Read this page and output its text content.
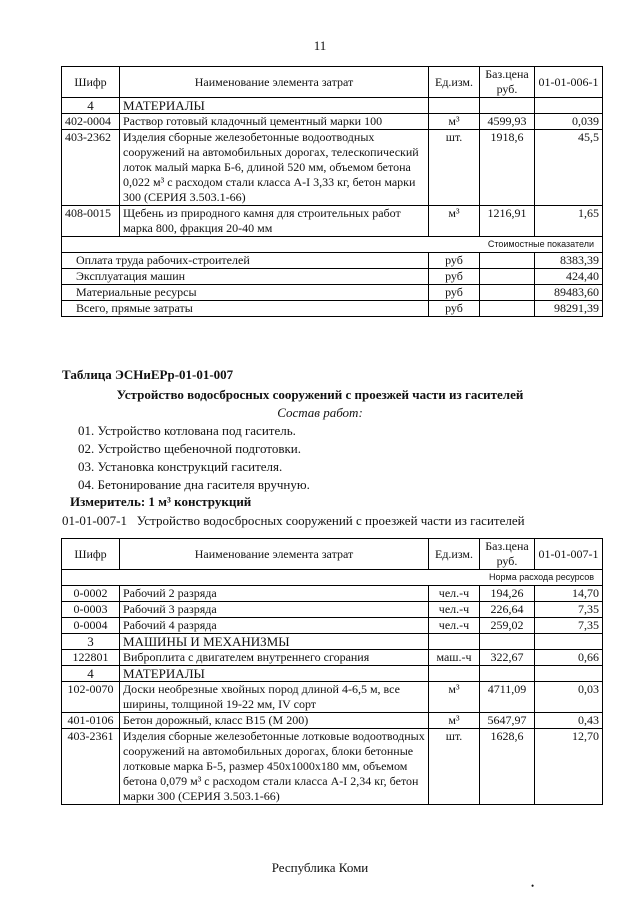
11
Шифр	Наименование элемента затрат	Ед.изм.	Баз.цена руб.	01-01-006-1
4	МАТЕРИАЛЫ			
402-0004	Раствор готовый кладочный цементный марки 100	м³	4599,93	0,039
403-2362	Изделия сборные железобетонные водоотводных сооружений на автомобильных дорогах, телескопический лоток малый марка Б-6, длиной 520 мм, объемом бетона 0,022 м³ с расходом стали класса А-I 3,33 кг, бетон марки 300 (СЕРИЯ 3.503.1-66)	шт.	1918,6	45,5
408-0015	Щебень из природного камня для строительных работ марка 800, фракция 20-40 мм	м³	1216,91	1,65
Стоимостные показатели				
Оплата труда рабочих-строителей		руб		8383,39
Эксплуатация машин		руб		424,40
Материальные ресурсы		руб		89483,60
Всего, прямые затраты		руб		98291,39
Таблица ЭСНиЕРр-01-01-007
Устройство водосбросных сооружений с проезжей части из гасителей
Состав работ:
01. Устройство котлована под гаситель.
02. Устройство щебеночной подготовки.
03. Установка конструкций гасителя.
04. Бетонирование дна гасителя вручную.
Измеритель: 1 м³ конструкций
01-01-007-1   Устройство водосбросных сооружений с проезжей части из гасителей
Шифр	Наименование элемента затрат	Ед.изм.	Баз.цена руб.	01-01-007-1
Норма расхода ресурсов				
0-0002	Рабочий 2 разряда	чел.-ч	194,26	14,70
0-0003	Рабочий 3 разряда	чел.-ч	226,64	7,35
0-0004	Рабочий 4 разряда	чел.-ч	259,02	7,35
3	МАШИНЫ И МЕХАНИЗМЫ			
122801	Виброплита с двигателем внутреннего сгорания	маш.-ч	322,67	0,66
4	МАТЕРИАЛЫ			
102-0070	Доски необрезные хвойных пород длиной 4-6,5 м, все ширины, толщиной 19-22 мм, IV сорт	м³	4711,09	0,03
401-0106	Бетон дорожный, класс В15 (М 200)	м³	5647,97	0,43
403-2361	Изделия сборные железобетонные лотковые водоотводных сооружений на автомобильных дорогах, блоки бетонные лотковые марка Б-5, размер 450x1000x180 мм, объемом бетона 0,079 м³ с расходом стали класса А-I 2,34 кг, бетон марки 300 (СЕРИЯ 3.503.1-66)	шт.	1628,6	12,70
Республика Коми
•
